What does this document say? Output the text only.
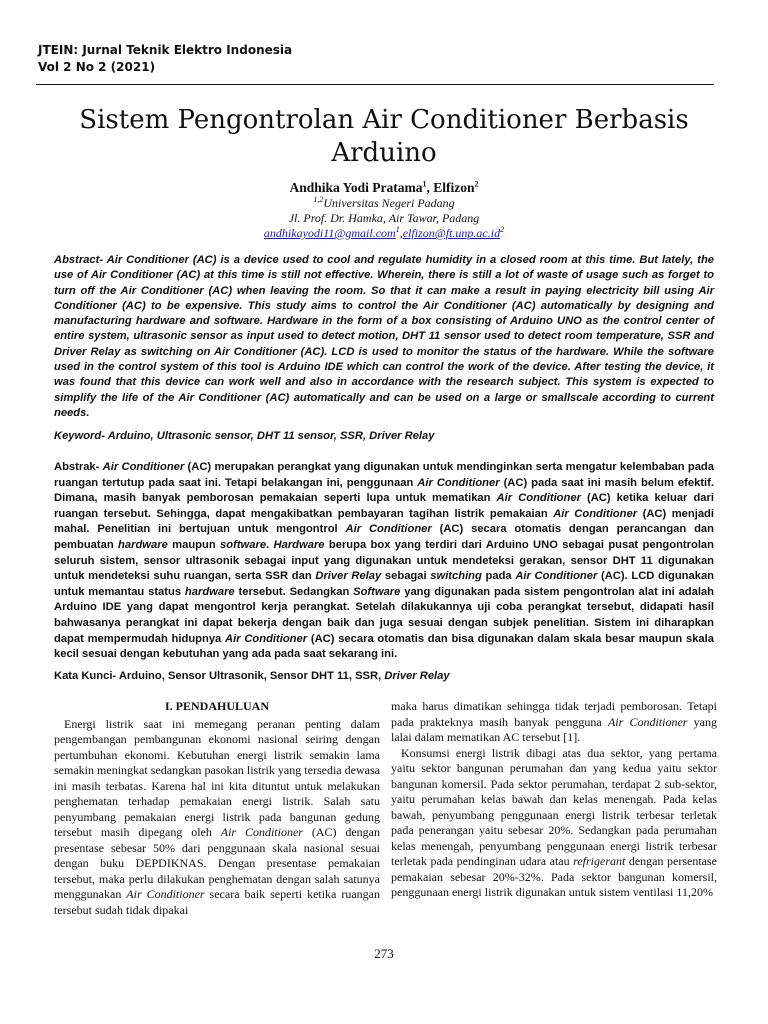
JTEIN: Jurnal Teknik Elektro Indonesia
Vol 2 No 2 (2021)
Sistem Pengontrolan Air Conditioner Berbasis Arduino
Andhika Yodi Pratama$^1$, Elfizon$^2$
$^{1,2}$Universitas Negeri Padang
Jl. Prof. Dr. Hamka, Air Tawar, Padang
$andhikayodi11@gmail.com^1,elfizon@ft.unp.ac.id^2$
Abstract- Air Conditioner (AC) is a device used to cool and regulate humidity in a closed room at this time. But lately, the use of Air Conditioner (AC) at this time is still not effective. Wherein, there is still a lot of waste of usage such as forget to turn off the Air Conditioner (AC) when leaving the room. So that it can make a result in paying electricity bill using Air Conditioner (AC) to be expensive. This study aims to control the Air Conditioner (AC) automatically by designing and manufacturing hardware and software. Hardware in the form of a box consisting of Arduino UNO as the control center of entire system, ultrasonic sensor as input used to detect motion, DHT 11 sensor used to detect room temperature, SSR and Driver Relay as switching on Air Conditioner (AC). LCD is used to monitor the status of the hardware. While the software used in the control system of this tool is Arduino IDE which can control the work of the device. After testing the device, it was found that this device can work well and also in accordance with the research subject. This system is expected to simplify the life of the Air Conditioner (AC) automatically and can be used on a large or smallscale according to current needs.
Keyword- Arduino, Ultrasonic sensor, DHT 11 sensor, SSR, Driver Relay
Abstrak- Air Conditioner (AC) merupakan perangkat yang digunakan untuk mendinginkan serta mengatur kelembaban pada ruangan tertutup pada saat ini. Tetapi belakangan ini, penggunaan Air Conditioner (AC) pada saat ini masih belum efektif. Dimana, masih banyak pemborosan pemakaian seperti lupa untuk mematikan Air Conditioner (AC) ketika keluar dari ruangan tersebut. Sehingga, dapat mengakibatkan pembayaran tagihan listrik pemakaian Air Conditioner (AC) menjadi mahal. Penelitian ini bertujuan untuk mengontrol Air Conditioner (AC) secara otomatis dengan perancangan dan pembuatan hardware maupun software. Hardware berupa box yang terdiri dari Arduino UNO sebagai pusat pengontrolan seluruh sistem, sensor ultrasonik sebagai input yang digunakan untuk mendeteksi gerakan, sensor DHT 11 digunakan untuk mendeteksi suhu ruangan, serta SSR dan Driver Relay sebagai switching pada Air Conditioner (AC). LCD digunakan untuk memantau status hardware tersebut. Sedangkan Software yang digunakan pada sistem pengontrolan alat ini adalah Arduino IDE yang dapat mengontrol kerja perangkat. Setelah dilakukannya uji coba perangkat tersebut, didapati hasil bahwasanya perangkat ini dapat bekerja dengan baik dan juga sesuai dengan subjek penelitian. Sistem ini diharapkan dapat mempermudah hidupnya Air Conditioner (AC) secara otomatis dan bisa digunakan dalam skala besar maupun skala kecil sesuai dengan kebutuhan yang ada pada saat sekarang ini.
Kata Kunci- Arduino, Sensor Ultrasonik, Sensor DHT 11, SSR, Driver Relay
I. PENDAHULUAN

Energi listrik saat ini memegang peranan penting dalam pengembangan pembangunan ekonomi nasional seiring dengan pertumbuhan ekonomi. Kebutuhan energi listrik semakin lama semakin meningkat sedangkan pasokan listrik yang tersedia dewasa ini masih terbatas. Karena hal ini kita dituntut untuk melakukan penghematan terhadap pemakaian energi listrik. Salah satu penyumbang pemakaian energi listrik pada bangunan gedung tersebut masih dipegang oleh Air Conditioner (AC) dengan presentase sebesar 50% dari penggunaan skala nasional sesuai dengan buku DEPDIKNAS. Dengan presentase pemakaian tersebut, maka perlu dilakukan penghematan dengan salah satunya menggunakan Air Conditioner secara baik seperti ketika ruangan tersebut sudah tidak dipakai

maka harus dimatikan sehingga tidak terjadi pemborosan. Tetapi pada prakteknya masih banyak pengguna Air Conditioner yang lalai dalam mematikan AC tersebut [1].

Konsumsi energi listrik dibagi atas dua sektor, yang pertama yaitu sektor bangunan perumahan dan yang kedua yaitu sektor bangunan komersil. Pada sektor perumahan, terdapat 2 sub-sektor, yaitu perumahan kelas bawah dan kelas menengah. Pada kelas bawah, penyumbang penggunaan energi listrik terbesar terletak pada penerangan yaitu sebesar 20%. Sedangkan pada perumahan kelas menengah, penyumbang penggunaan energi listrik terbesar terletak pada pendinginan udara atau refrigerant dengan persentase pemakaian sebesar 20%-32%. Pada sektor bangunan komersil, penggunaan energi listrik digunakan untuk sistem ventilasi 11,20%

273
